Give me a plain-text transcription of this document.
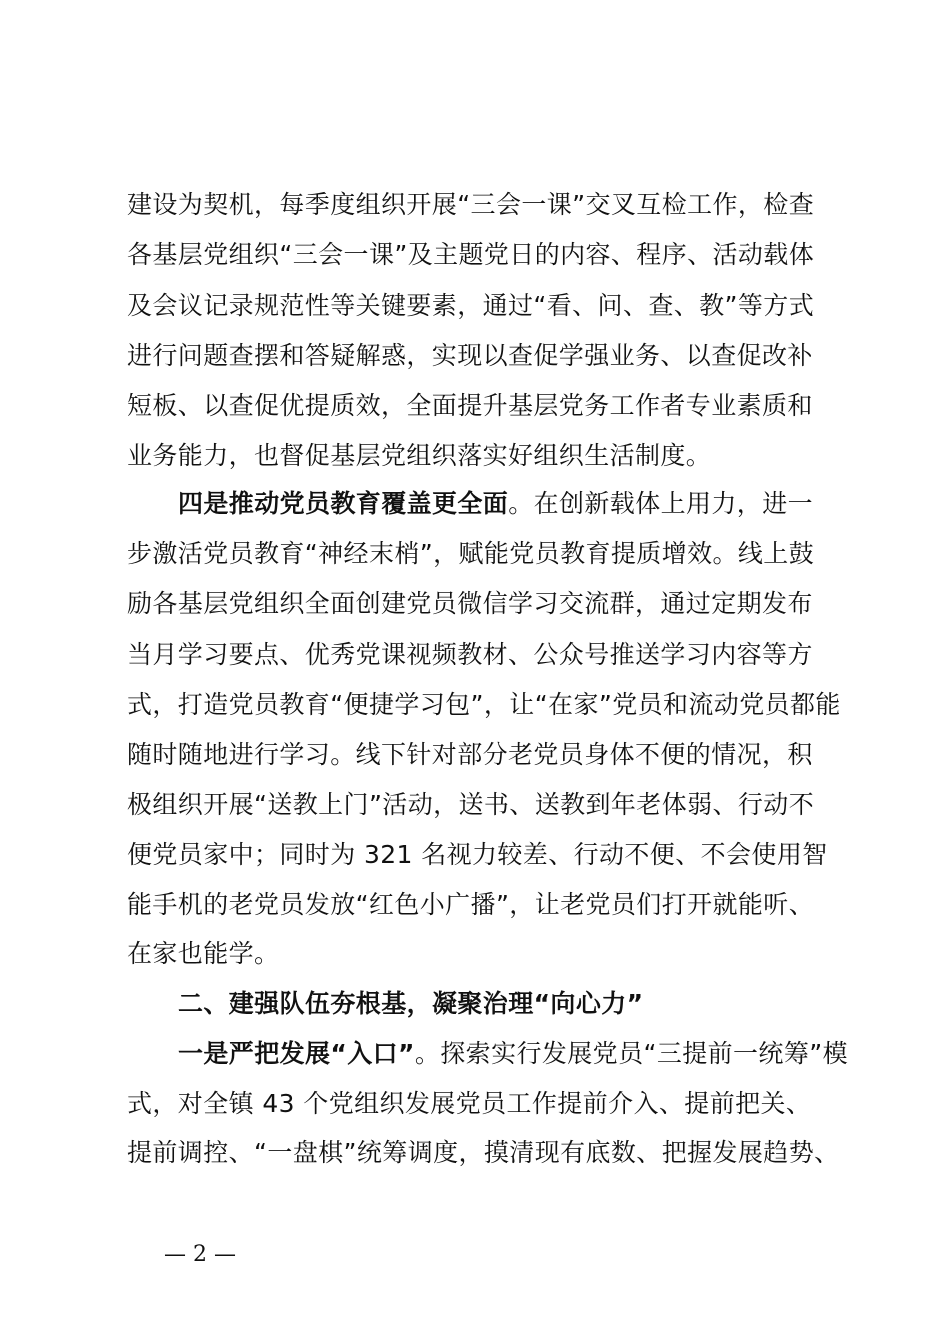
建设为契机，每季度组织开展“三会一课”交叉互检工作，检查
各基层党组织“三会一课”及主题党日的内容、程序、活动载体
及会议记录规范性等关键要素，通过“看、问、查、教”等方式
进行问题查摆和答疑解惑，实现以查促学强业务、以查促改补
短板、以查促优提质效，全面提升基层党务工作者专业素质和
业务能力，也督促基层党组织落实好组织生活制度。
四是推动党员教育覆盖更全面。在创新载体上用力，进一
步激活党员教育“神经末梢”，赋能党员教育提质增效。线上鼓
励各基层党组织全面创建党员微信学习交流群，通过定期发布
当月学习要点、优秀党课视频教材、公众号推送学习内容等方
式，打造党员教育“便捷学习包”，让“在家”党员和流动党员都能
随时随地进行学习。线下针对部分老党员身体不便的情况，积
极组织开展“送教上门”活动，送书、送教到年老体弱、行动不
便党员家中；同时为 321 名视力较差、行动不便、不会使用智
能手机的老党员发放“红色小广播”，让老党员们打开就能听、
在家也能学。
二、建强队伍夯根基，凝聚治理“向心力”
一是严把发展“入口”。探索实行发展党员“三提前一统筹”模
式，对全镇 43 个党组织发展党员工作提前介入、提前把关、
提前调控、“一盘棋”统筹调度，摸清现有底数、把握发展趋势、
— 2 —
